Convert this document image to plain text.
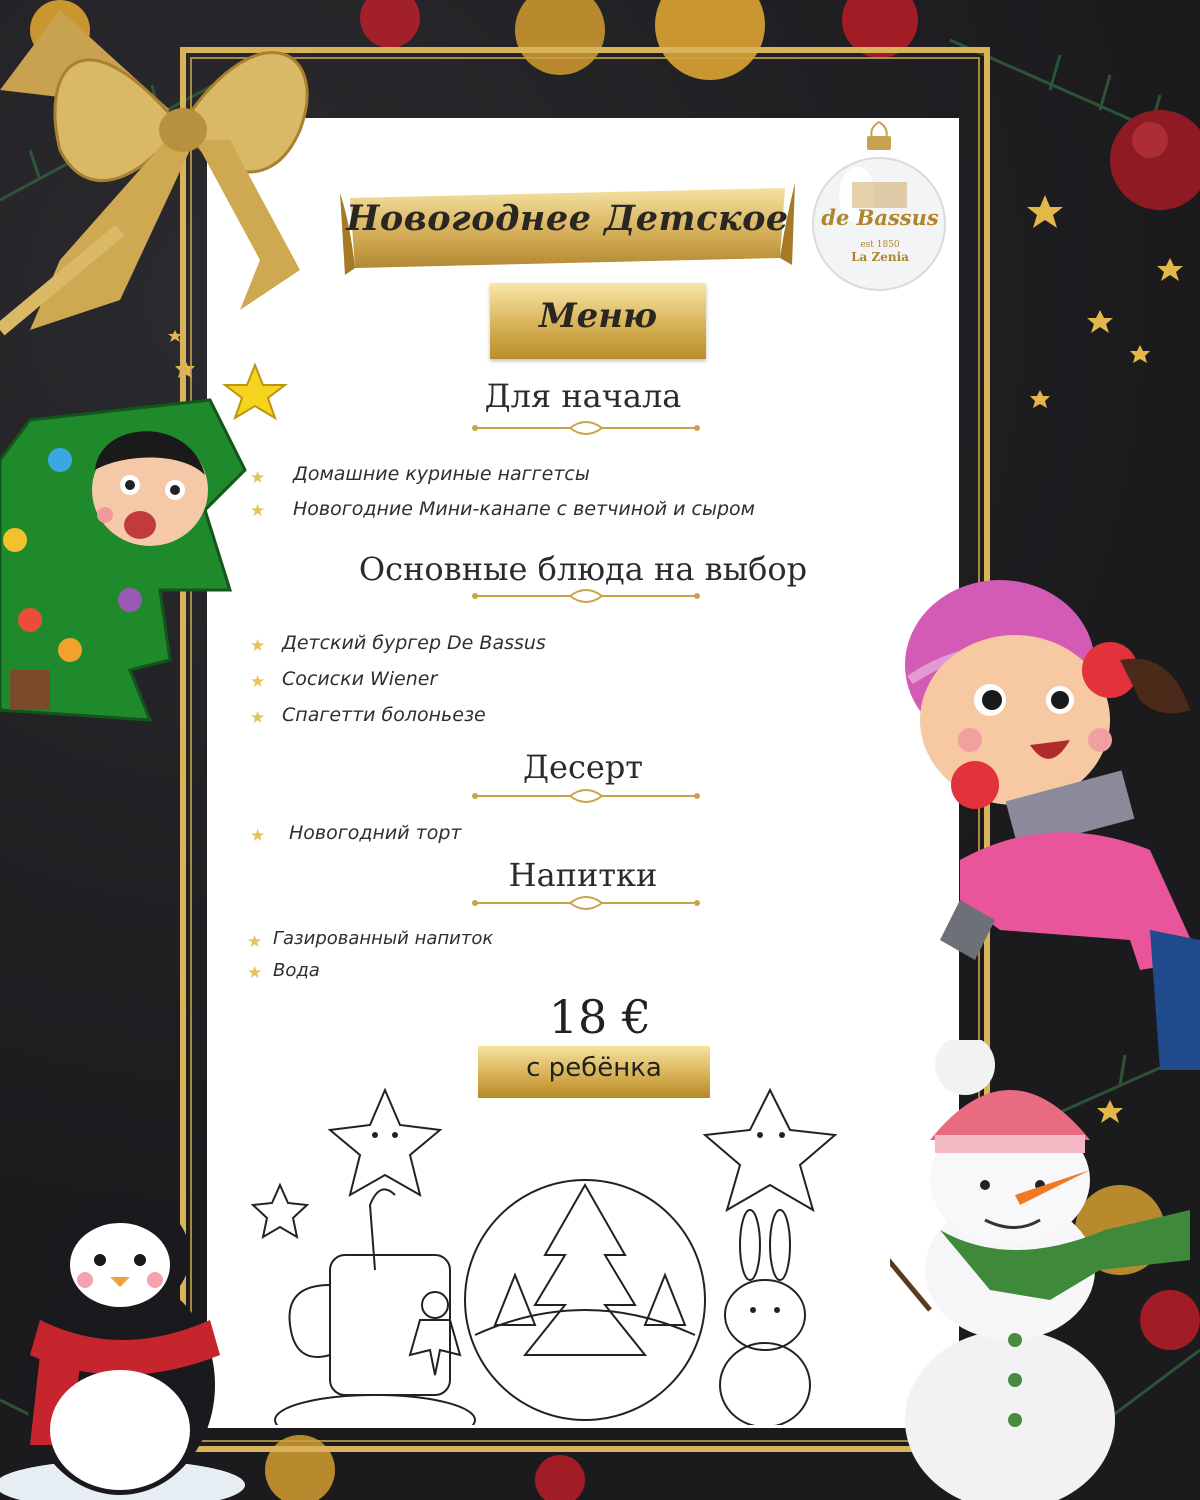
Новогоднее Детское
Меню
de Bassus
est 1850
La Zenia
Для начала
★ Домашние куриные наггетсы
★ Новогодние Мини-канапе с ветчиной и сыром
Основные блюда на выбор
★ Детский бургер De Bassus
★ Сосиски Wiener
★ Спагетти болоньезе
Десерт
★ Новогодний торт
Напитки
★ Газированный напиток
★ Вода
18 €
с ребёнка
